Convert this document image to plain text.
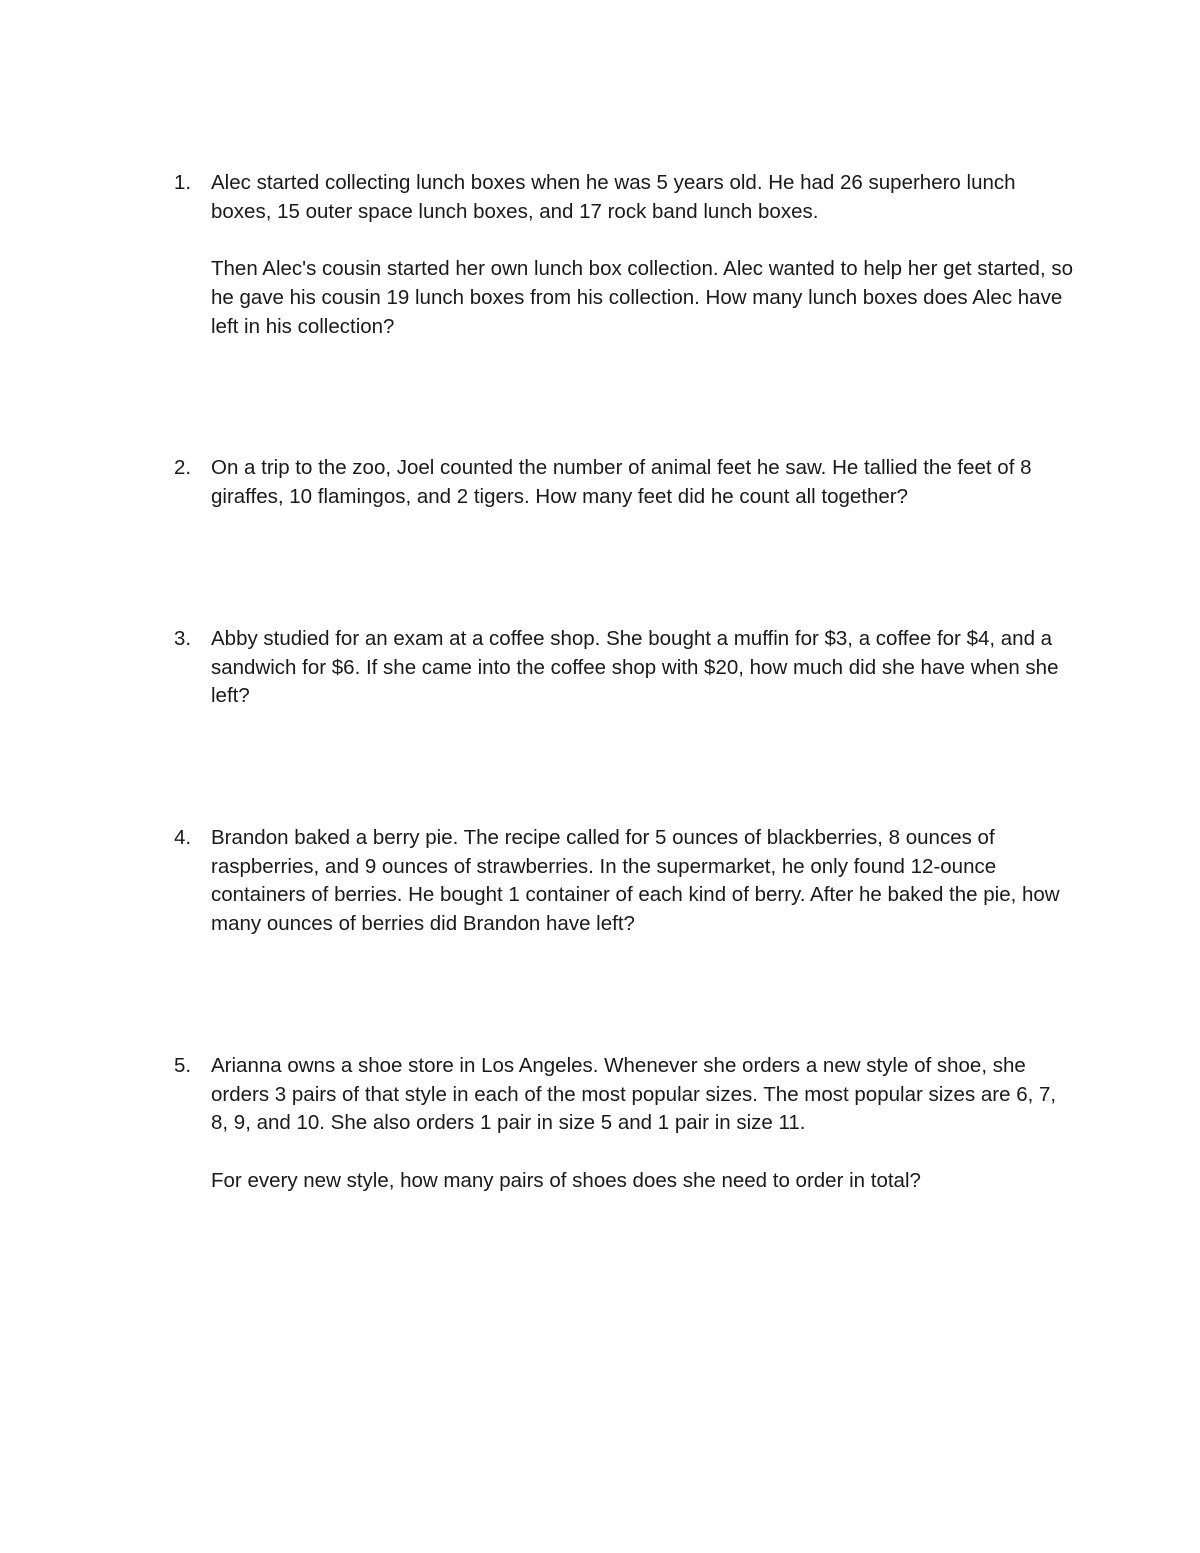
1. Alec started collecting lunch boxes when he was 5 years old. He had 26 superhero lunch boxes, 15 outer space lunch boxes, and 17 rock band lunch boxes.

Then Alec's cousin started her own lunch box collection. Alec wanted to help her get started, so he gave his cousin 19 lunch boxes from his collection. How many lunch boxes does Alec have left in his collection?

2. On a trip to the zoo, Joel counted the number of animal feet he saw. He tallied the feet of 8 giraffes, 10 flamingos, and 2 tigers. How many feet did he count all together?

3. Abby studied for an exam at a coffee shop. She bought a muffin for $3, a coffee for $4, and a sandwich for $6. If she came into the coffee shop with $20, how much did she have when she left?

4. Brandon baked a berry pie. The recipe called for 5 ounces of blackberries, 8 ounces of raspberries, and 9 ounces of strawberries. In the supermarket, he only found 12-ounce containers of berries. He bought 1 container of each kind of berry. After he baked the pie, how many ounces of berries did Brandon have left?

5. Arianna owns a shoe store in Los Angeles. Whenever she orders a new style of shoe, she orders 3 pairs of that style in each of the most popular sizes. The most popular sizes are 6, 7, 8, 9, and 10. She also orders 1 pair in size 5 and 1 pair in size 11.

For every new style, how many pairs of shoes does she need to order in total?
